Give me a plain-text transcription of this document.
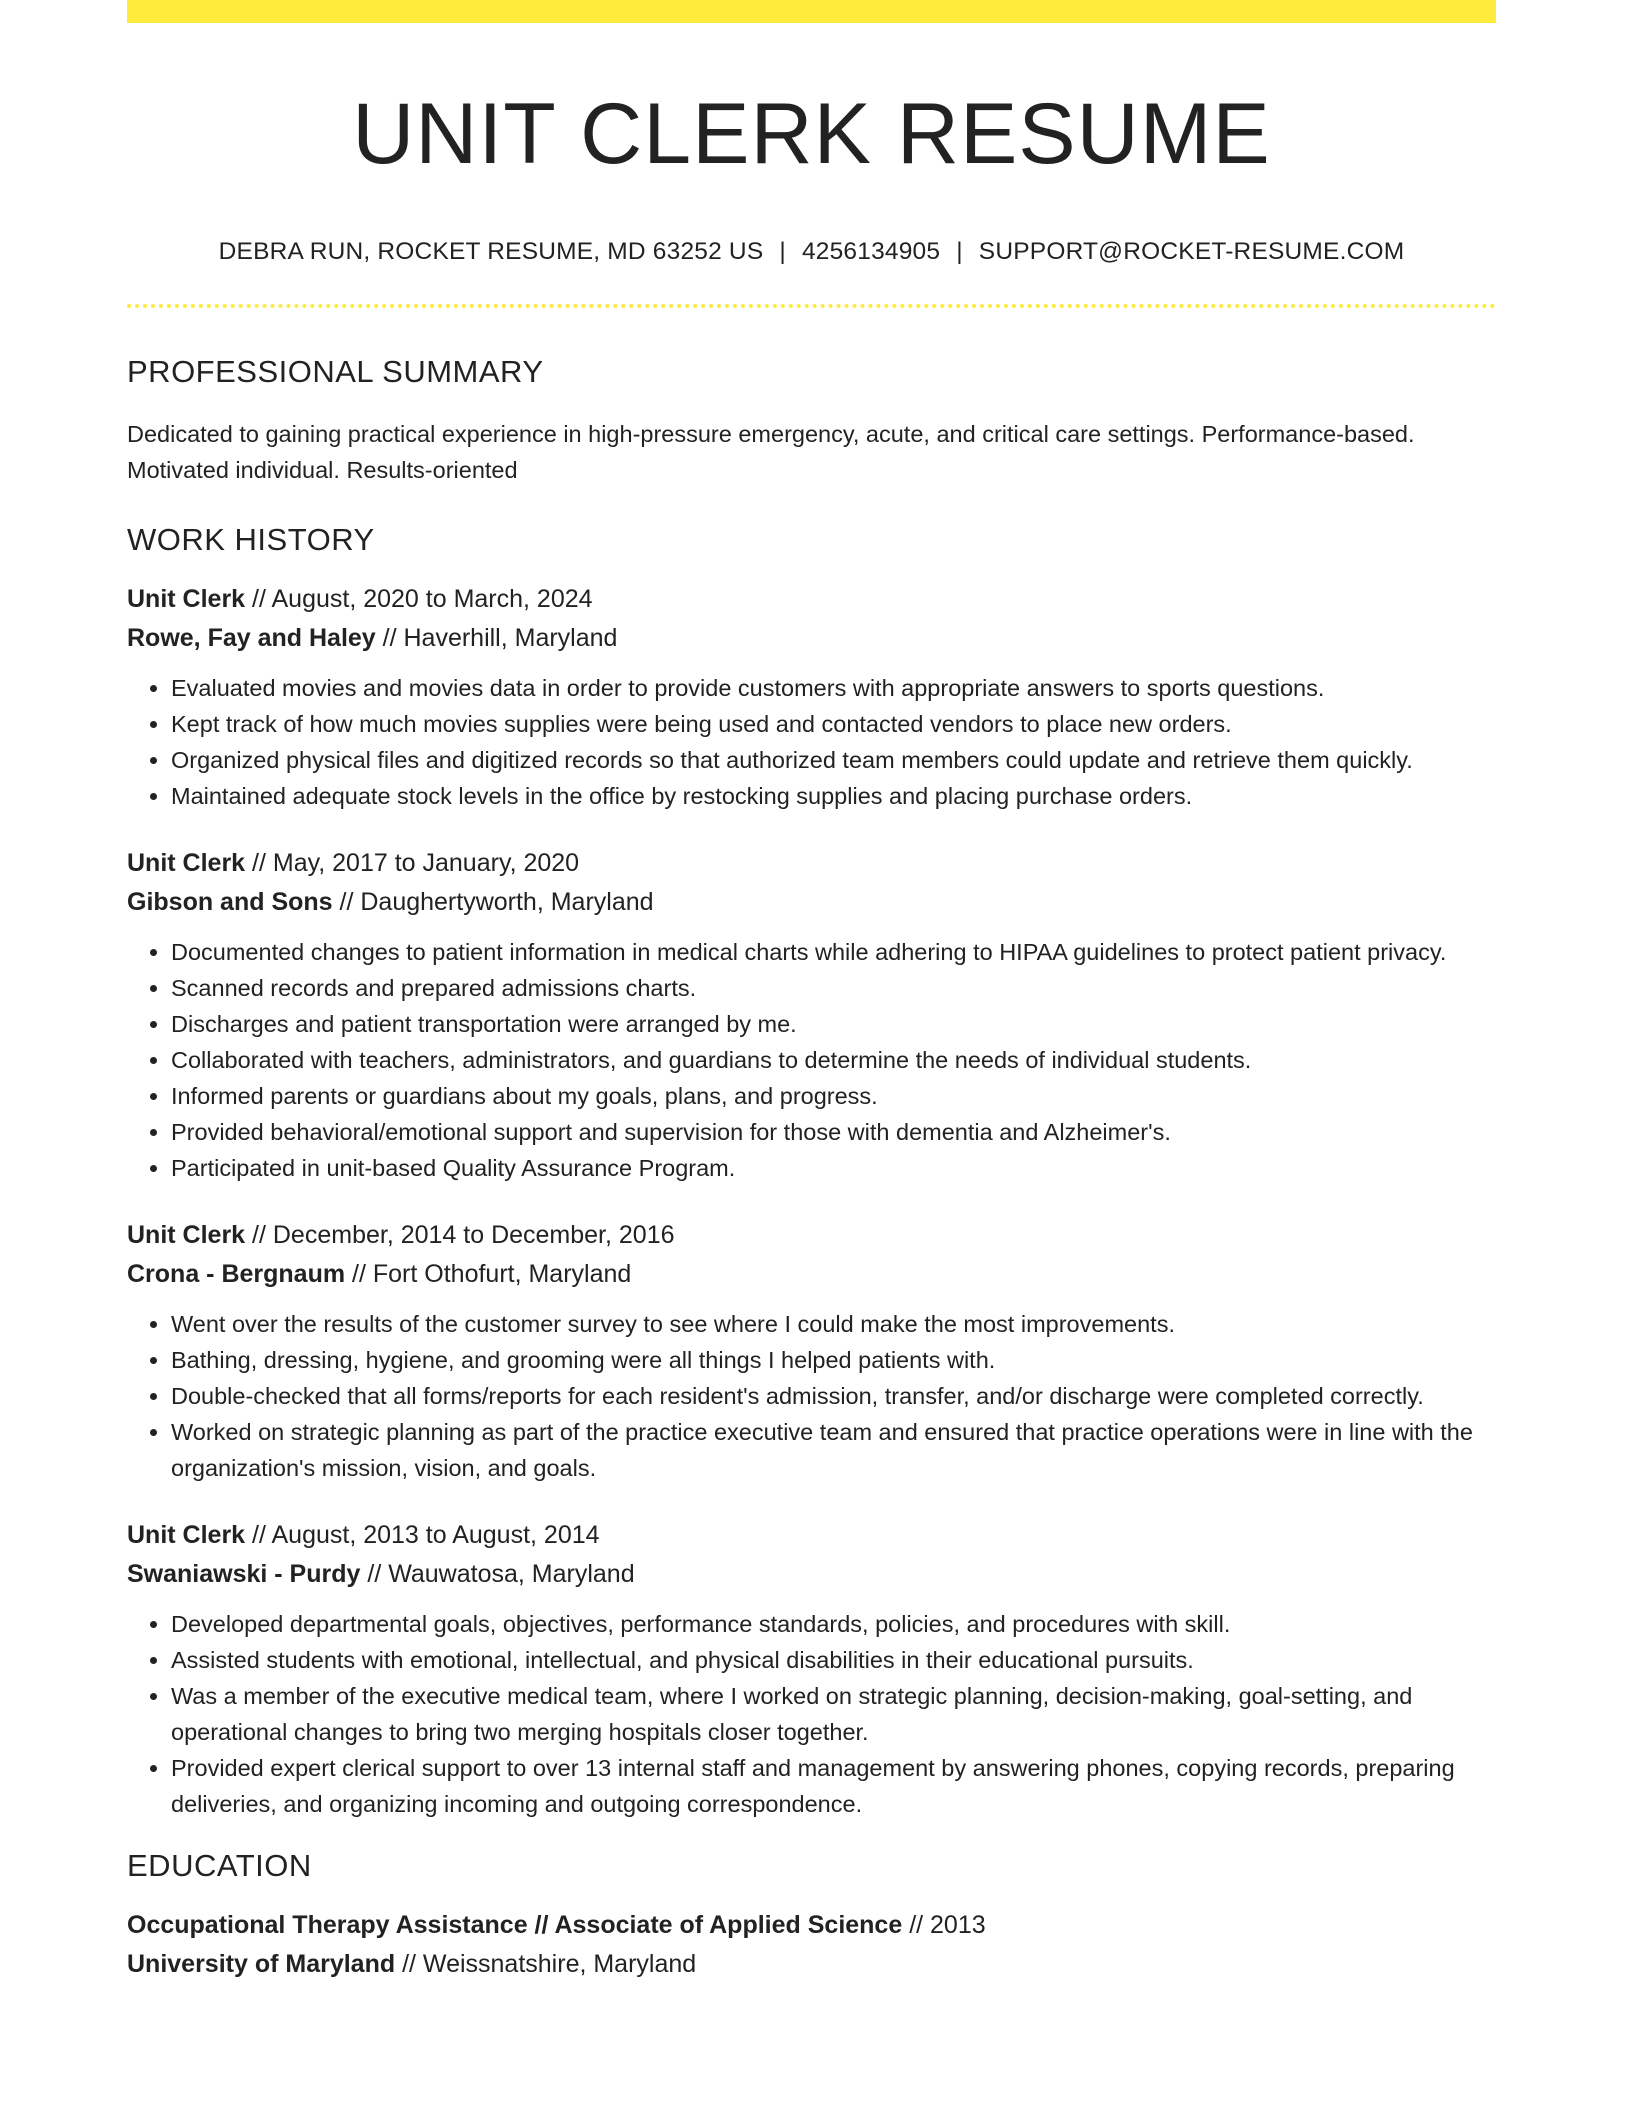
UNIT CLERK RESUME
DEBRA RUN, ROCKET RESUME, MD 63252 US | 4256134905 | SUPPORT@ROCKET-RESUME.COM
PROFESSIONAL SUMMARY
Dedicated to gaining practical experience in high-pressure emergency, acute, and critical care settings. Performance-based. Motivated individual. Results-oriented
WORK HISTORY
Unit Clerk // August, 2020 to March, 2024
Rowe, Fay and Haley // Haverhill, Maryland
• Evaluated movies and movies data in order to provide customers with appropriate answers to sports questions.
• Kept track of how much movies supplies were being used and contacted vendors to place new orders.
• Organized physical files and digitized records so that authorized team members could update and retrieve them quickly.
• Maintained adequate stock levels in the office by restocking supplies and placing purchase orders.
Unit Clerk // May, 2017 to January, 2020
Gibson and Sons // Daughertyworth, Maryland
• Documented changes to patient information in medical charts while adhering to HIPAA guidelines to protect patient privacy.
• Scanned records and prepared admissions charts.
• Discharges and patient transportation were arranged by me.
• Collaborated with teachers, administrators, and guardians to determine the needs of individual students.
• Informed parents or guardians about my goals, plans, and progress.
• Provided behavioral/emotional support and supervision for those with dementia and Alzheimer's.
• Participated in unit-based Quality Assurance Program.
Unit Clerk // December, 2014 to December, 2016
Crona - Bergnaum // Fort Othofurt, Maryland
• Went over the results of the customer survey to see where I could make the most improvements.
• Bathing, dressing, hygiene, and grooming were all things I helped patients with.
• Double-checked that all forms/reports for each resident's admission, transfer, and/or discharge were completed correctly.
• Worked on strategic planning as part of the practice executive team and ensured that practice operations were in line with the organization's mission, vision, and goals.
Unit Clerk // August, 2013 to August, 2014
Swaniawski - Purdy // Wauwatosa, Maryland
• Developed departmental goals, objectives, performance standards, policies, and procedures with skill.
• Assisted students with emotional, intellectual, and physical disabilities in their educational pursuits.
• Was a member of the executive medical team, where I worked on strategic planning, decision-making, goal-setting, and operational changes to bring two merging hospitals closer together.
• Provided expert clerical support to over 13 internal staff and management by answering phones, copying records, preparing deliveries, and organizing incoming and outgoing correspondence.
EDUCATION
Occupational Therapy Assistance // Associate of Applied Science // 2013
University of Maryland // Weissnatshire, Maryland
